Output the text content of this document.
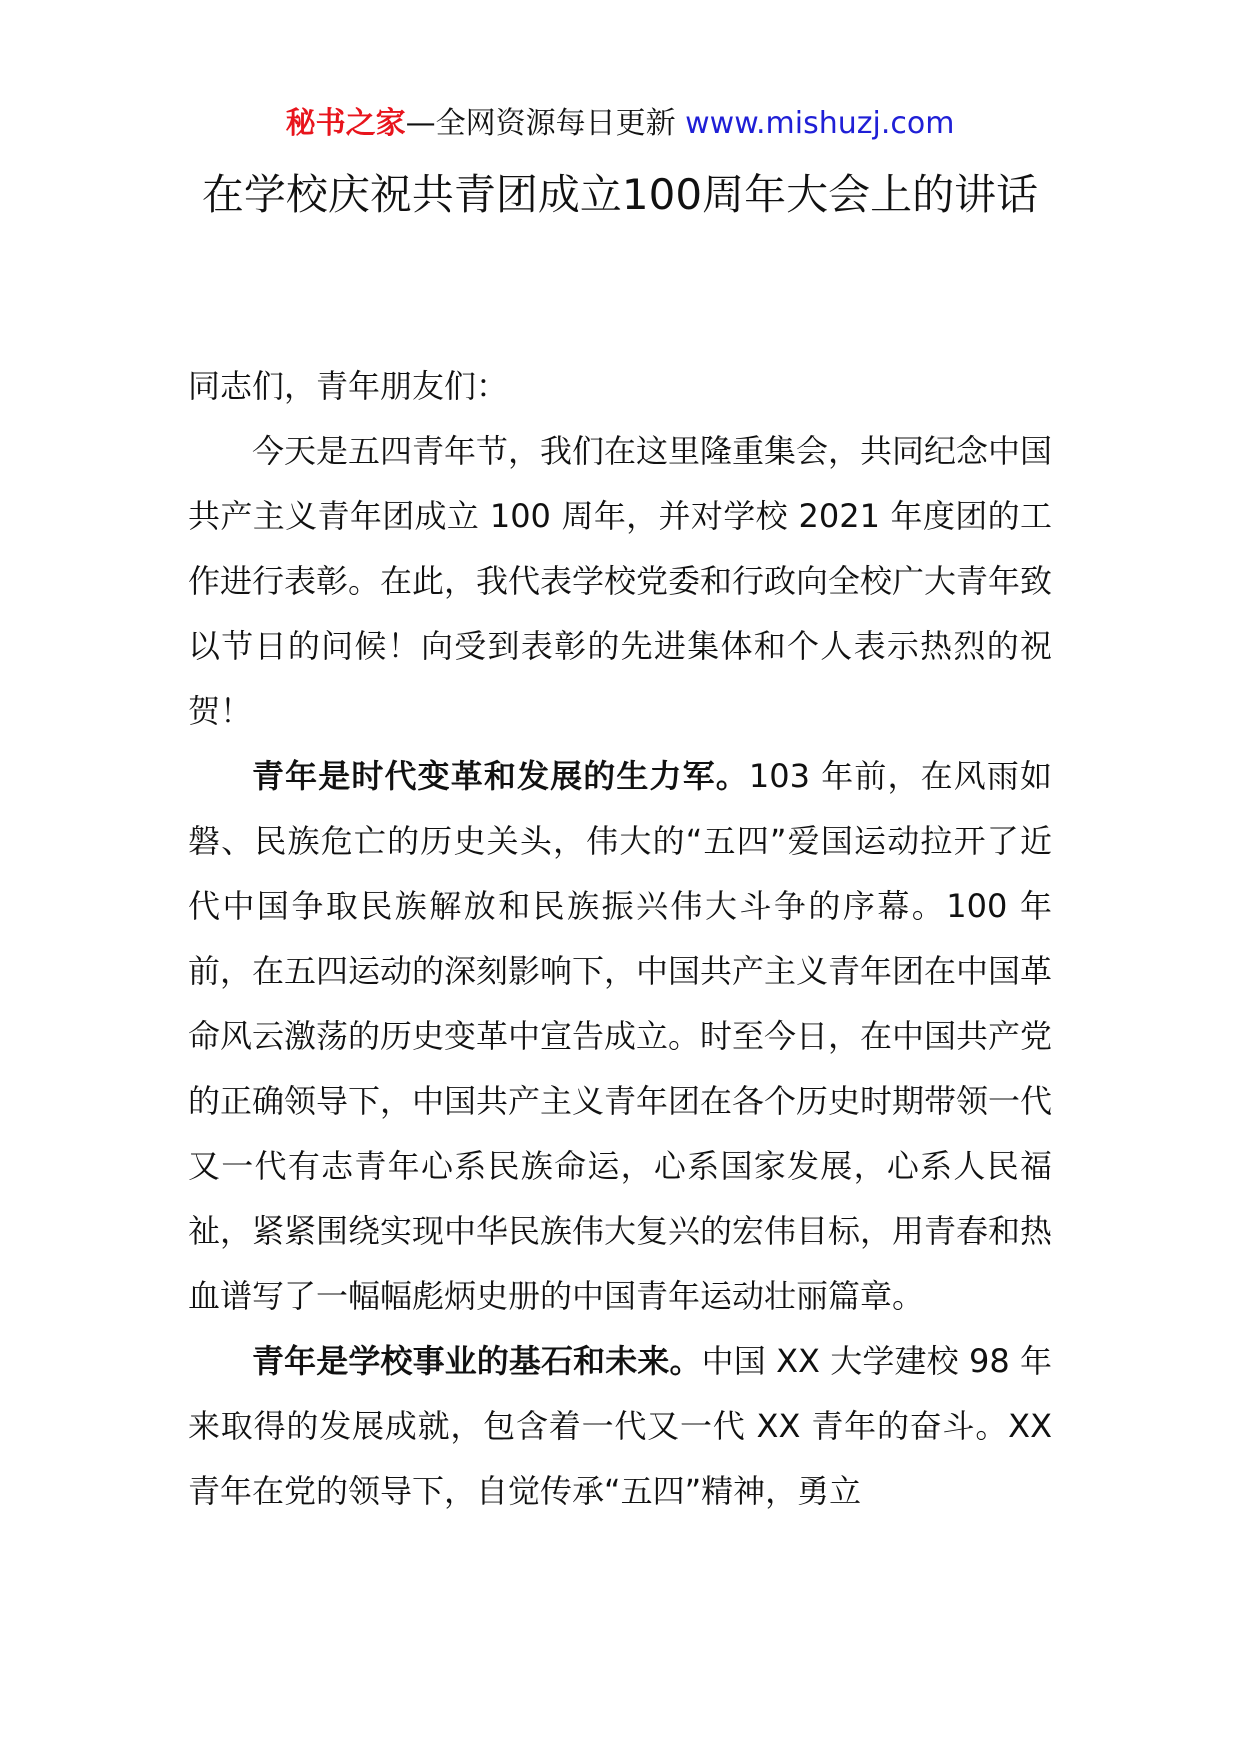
秘书之家—全网资源每日更新 www.mishuzj.com
在学校庆祝共青团成立100周年大会上的讲话

同志们，青年朋友们：

今天是五四青年节，我们在这里隆重集会，共同纪念中国共产主义青年团成立 100 周年，并对学校 2021 年度团的工作进行表彰。在此，我代表学校党委和行政向全校广大青年致以节日的问候！向受到表彰的先进集体和个人表示热烈的祝贺！

青年是时代变革和发展的生力军。103 年前，在风雨如磐、民族危亡的历史关头，伟大的“五四”爱国运动拉开了近代中国争取民族解放和民族振兴伟大斗争的序幕。100 年前，在五四运动的深刻影响下，中国共产主义青年团在中国革命风云激荡的历史变革中宣告成立。时至今日，在中国共产党的正确领导下，中国共产主义青年团在各个历史时期带领一代又一代有志青年心系民族命运，心系国家发展，心系人民福祉，紧紧围绕实现中华民族伟大复兴的宏伟目标，用青春和热血谱写了一幅幅彪炳史册的中国青年运动壮丽篇章。

青年是学校事业的基石和未来。中国 XX 大学建校 98 年来取得的发展成就，包含着一代又一代 XX 青年的奋斗。XX 青年在党的领导下，自觉传承“五四”精神，勇立
